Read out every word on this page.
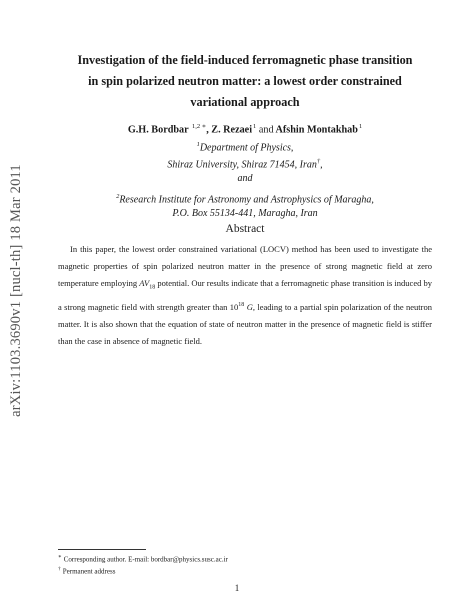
arXiv:1103.3690v1 [nucl-th] 18 Mar 2011
Investigation of the field-induced ferromagnetic phase transition
in spin polarized neutron matter: a lowest order constrained
variational approach
G.H. Bordbar $^{1,2 ∗}$, Z. Rezaei$^1$ and Afshin Montakhab$^1$
$^1$Department of Physics,
Shiraz University, Shiraz 71454, Iran†,
and
$^2$Research Institute for Astronomy and Astrophysics of Maragha,
P.O. Box 55134-441, Maragha, Iran
Abstract

In this paper, the lowest order constrained variational (LOCV) method has been used to investigate the magnetic properties of spin polarized neutron matter in the presence of strong magnetic field at zero temperature employing $AV_{18}$ potential. Our results indicate that a ferromagnetic phase transition is induced by a strong magnetic field with strength greater than $10^{18}$ G, leading to a partial spin polarization of the neutron matter. It is also shown that the equation of state of neutron matter in the presence of magnetic field is stiffer than the case in absence of magnetic field.

∗ Corresponding author. E-mail: bordbar@physics.susc.ac.ir
† Permanent address
1
